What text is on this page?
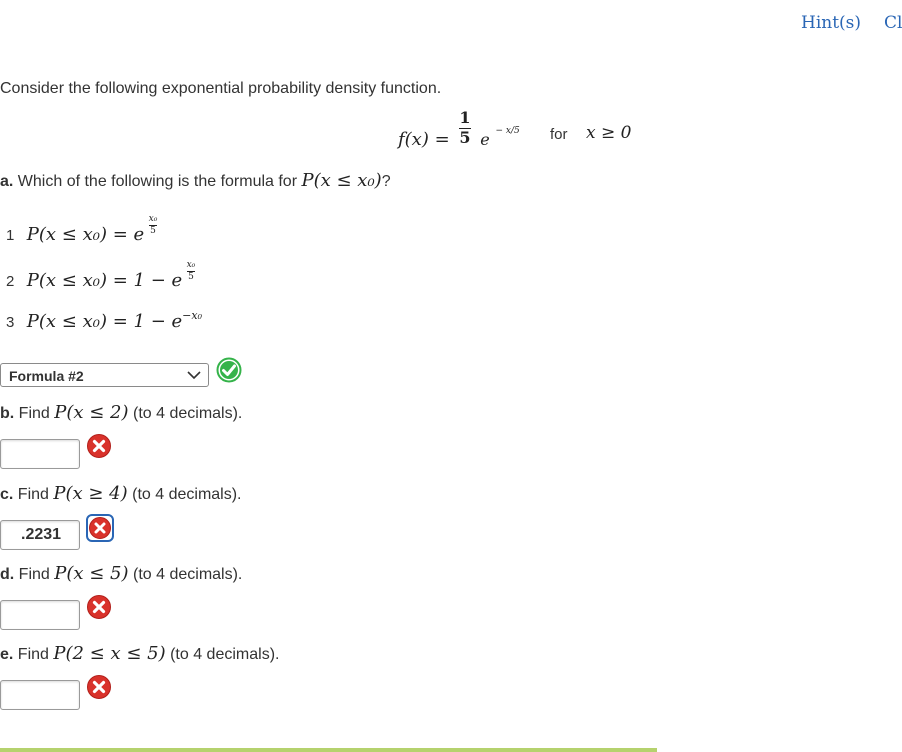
Hint(s) Cl
Consider the following exponential probability density function.
$f(x) = \frac{1}{5}$ e − x/5 for x ≥ 0
a. Which of the following is the formula for P(x ≤ x₀)?
1 P(x ≤ x₀) = e $\frac{\text{x₀}}{5}$
2 P(x ≤ x₀) = 1 − e $\frac{\text{x₀}}{5}$
3 $P(x \le x_0) = 1 - e^{-x_0}$
Formula #2
b. Find P(x ≤ 2) (to 4 decimals).
c. Find P(x ≥ 4) (to 4 decimals).
.2231
d. Find P(x ≤ 5) (to 4 decimals).
e. Find P(2 ≤ x ≤ 5) (to 4 decimals).
